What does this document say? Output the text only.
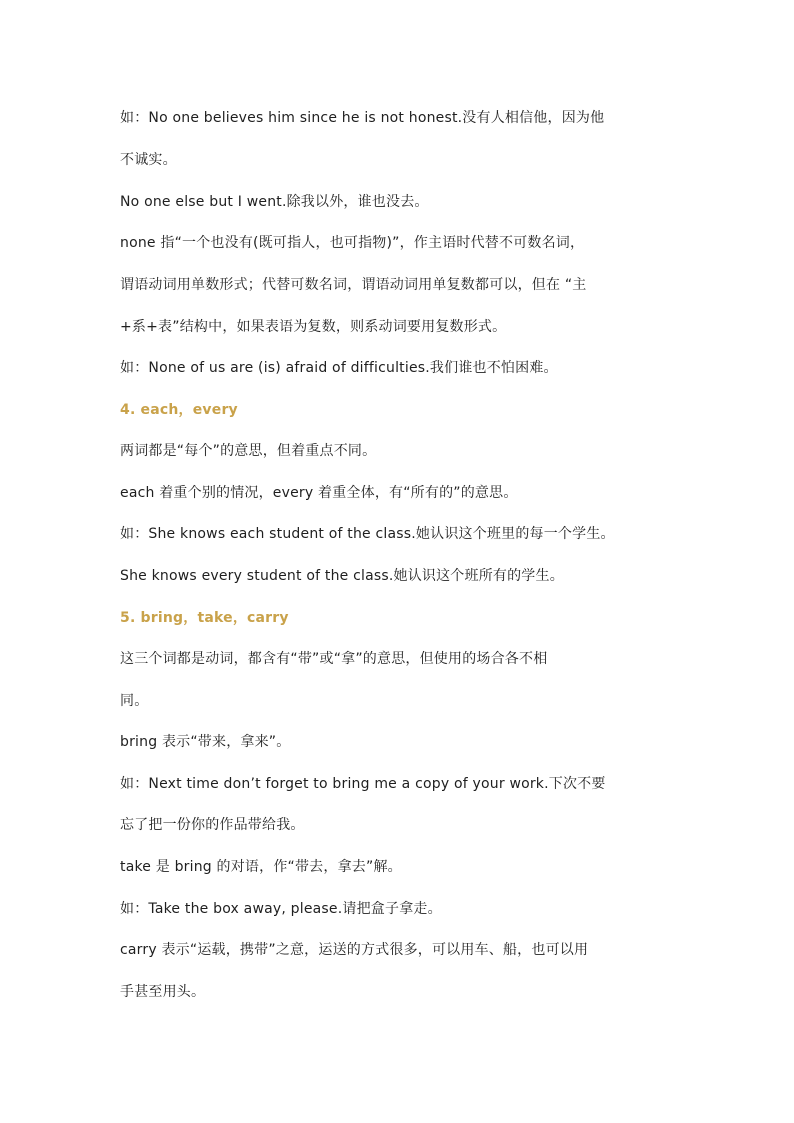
如：No one believes him since he is not honest.没有人相信他，因为他
不诚实。
No one else but I went.除我以外，谁也没去。
none 指“一个也没有(既可指人，也可指物)”，作主语时代替不可数名词，
谓语动词用单数形式；代替可数名词，谓语动词用单复数都可以，但在 “主
+系+表”结构中，如果表语为复数，则系动词要用复数形式。
如：None of us are (is) afraid of difficulties.我们谁也不怕困难。
4. each，every
两词都是“每个”的意思，但着重点不同。
each 着重个别的情况，every 着重全体，有“所有的”的意思。
如：She knows each student of the class.她认识这个班里的每一个学生。
She knows every student of the class.她认识这个班所有的学生。
5. bring，take，carry
这三个词都是动词，都含有“带”或“拿”的意思，但使用的场合各不相
同。
bring 表示“带来，拿来”。
如：Next time don’t forget to bring me a copy of your work.下次不要
忘了把一份你的作品带给我。
take 是 bring 的对语，作“带去，拿去”解。
如：Take the box away, please.请把盒子拿走。
carry 表示“运载，携带”之意，运送的方式很多，可以用车、船，也可以用
手甚至用头。
